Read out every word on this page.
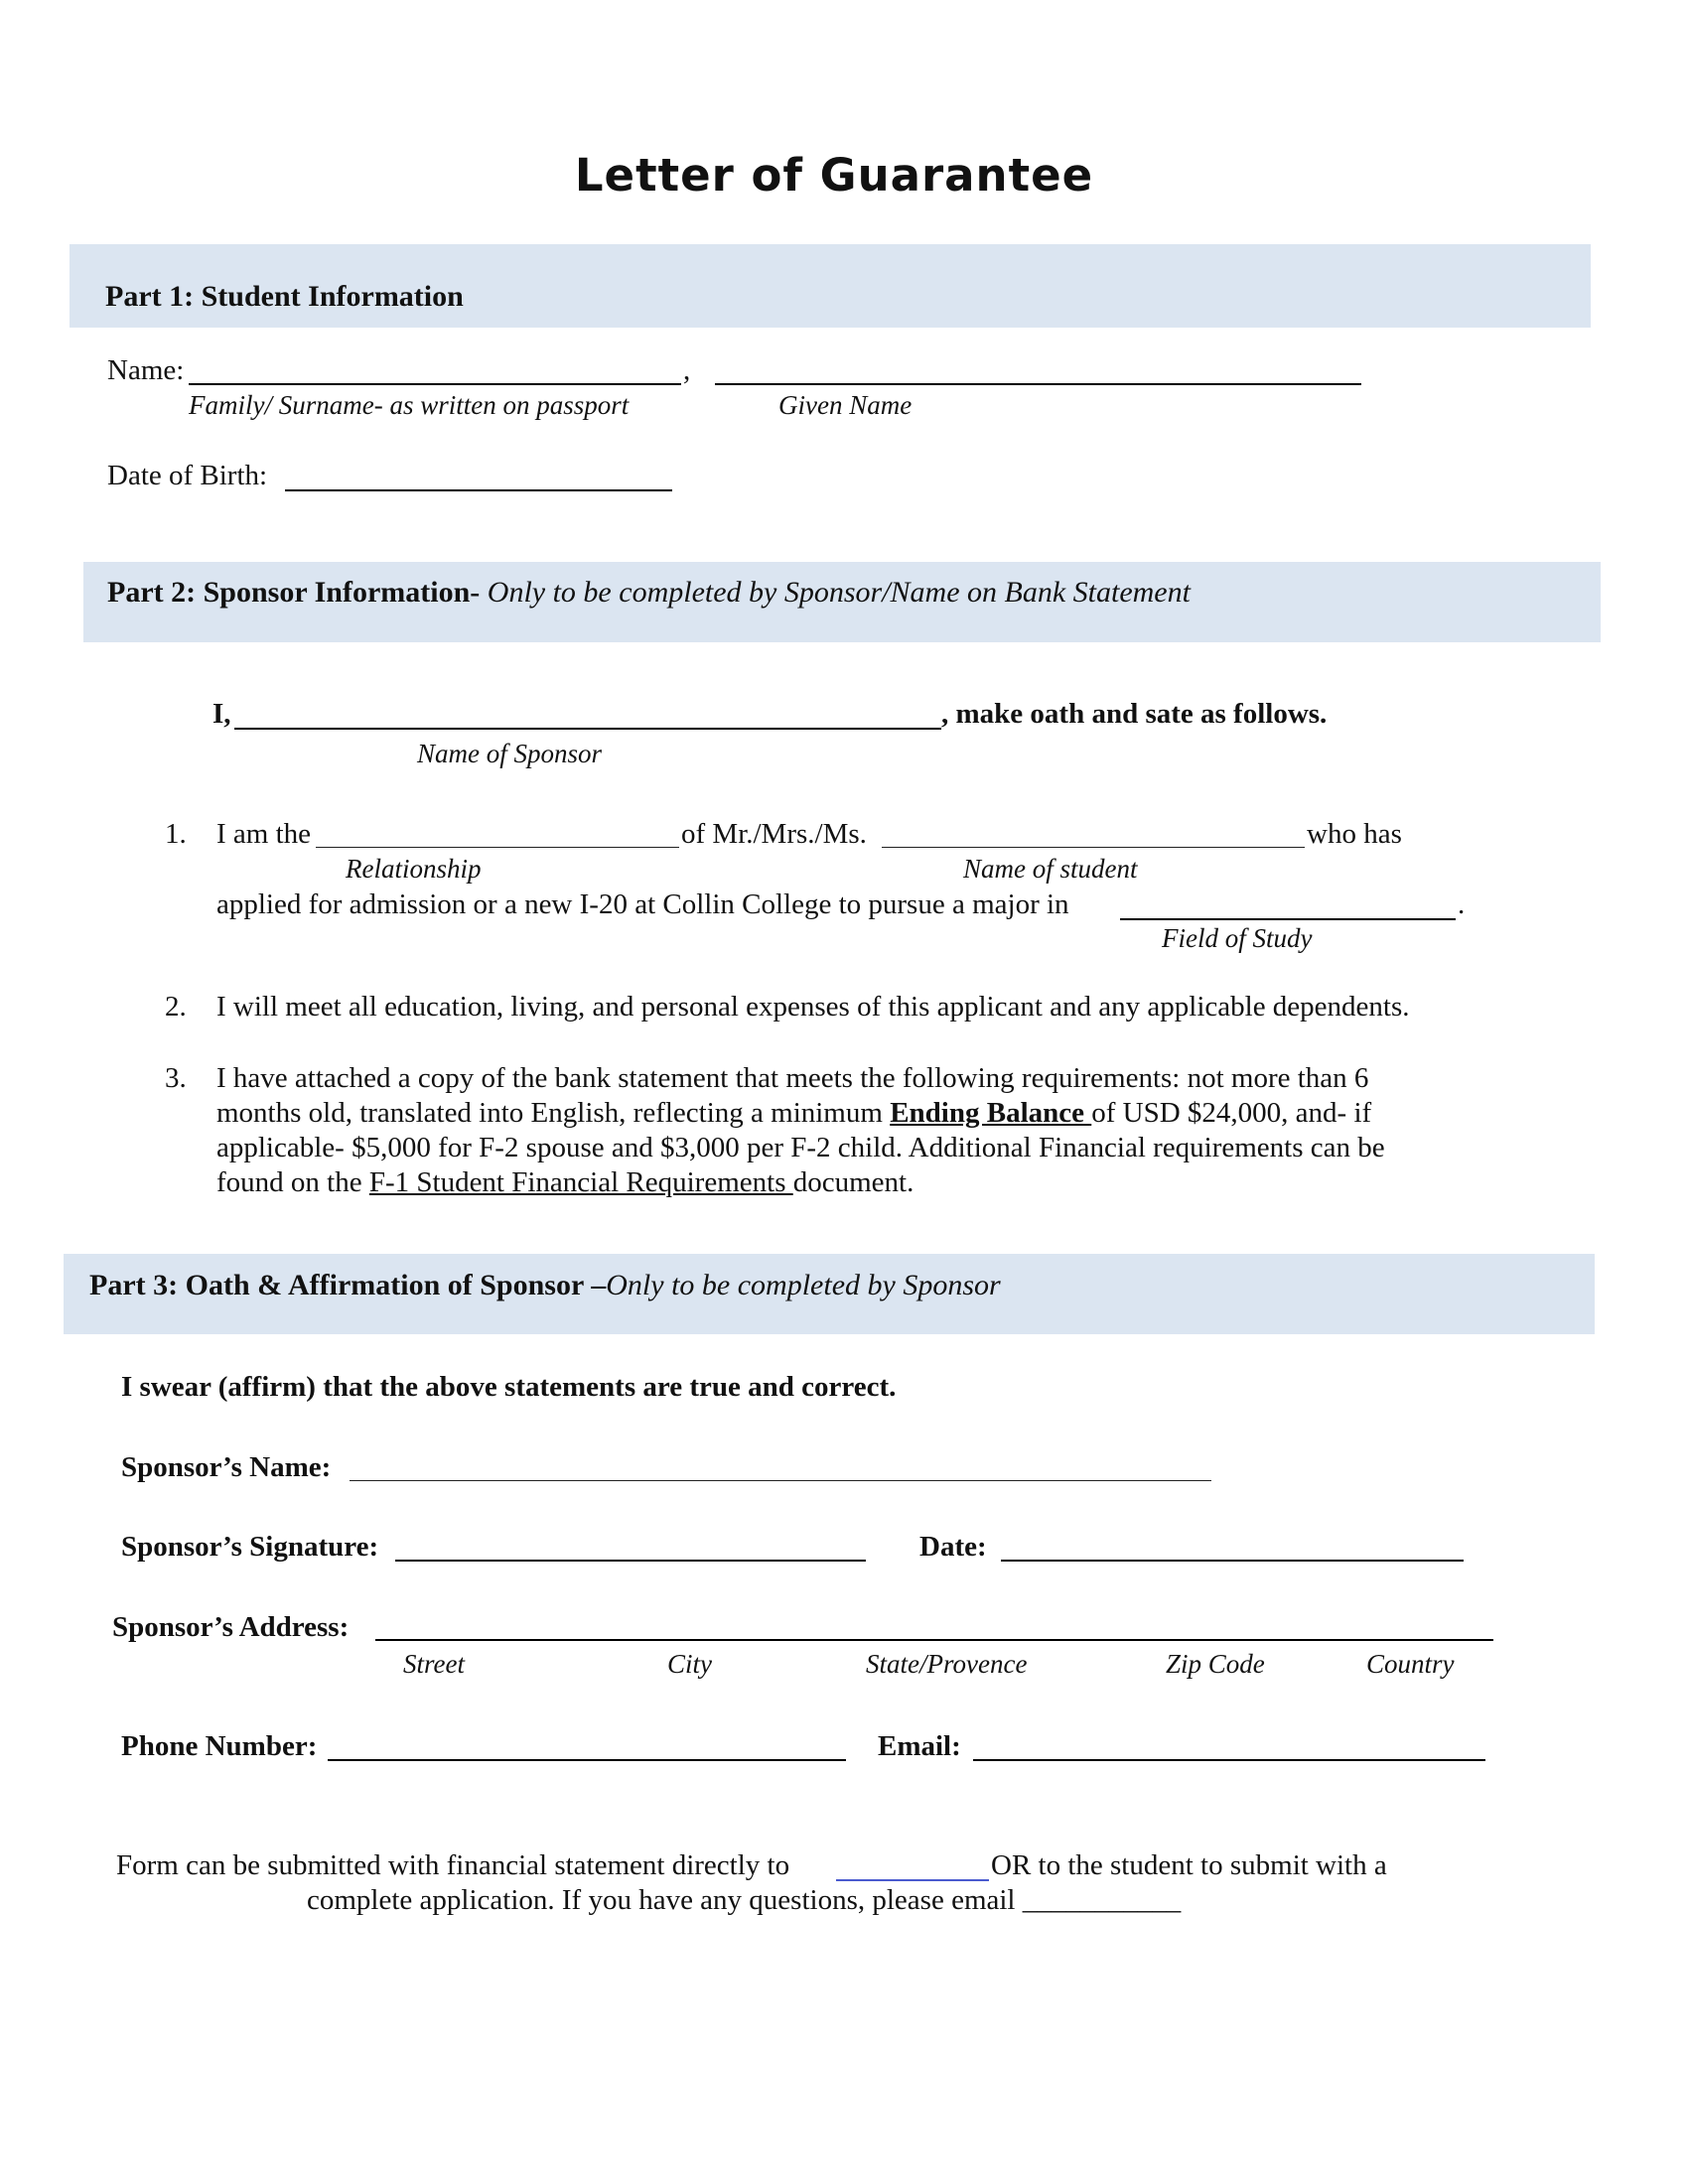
Letter of Guarantee
Part 1: Student Information
Name:	,
Family/ Surname- as written on passport	Given Name
Date of Birth:
Part 2: Sponsor Information- Only to be completed by Sponsor/Name on Bank Statement
I,	, make oath and sate as follows.
Name of Sponsor
1. I am the	of Mr./Mrs./Ms.	who has
Relationship	Name of student
applied for admission or a new I-20 at Collin College to pursue a major in	.
Field of Study
2. I will meet all education, living, and personal expenses of this applicant and any applicable dependents.
3. I have attached a copy of the bank statement that meets the following requirements: not more than 6
months old, translated into English, reflecting a minimum Ending Balance of USD $24,000, and- if
applicable- $5,000 for F-2 spouse and $3,000 per F-2 child. Additional Financial requirements can be
found on the F-1 Student Financial Requirements document.
Part 3: Oath & Affirmation of Sponsor –Only to be completed by Sponsor
I swear (affirm) that the above statements are true and correct.
Sponsor’s Name:
Sponsor’s Signature:	Date:
Sponsor’s Address:
Street	City	State/Provence	Zip Code	Country
Phone Number:	Email:
Form can be submitted with financial statement directly to	OR to the student to submit with a
complete application. If you have any questions, please email ___________
